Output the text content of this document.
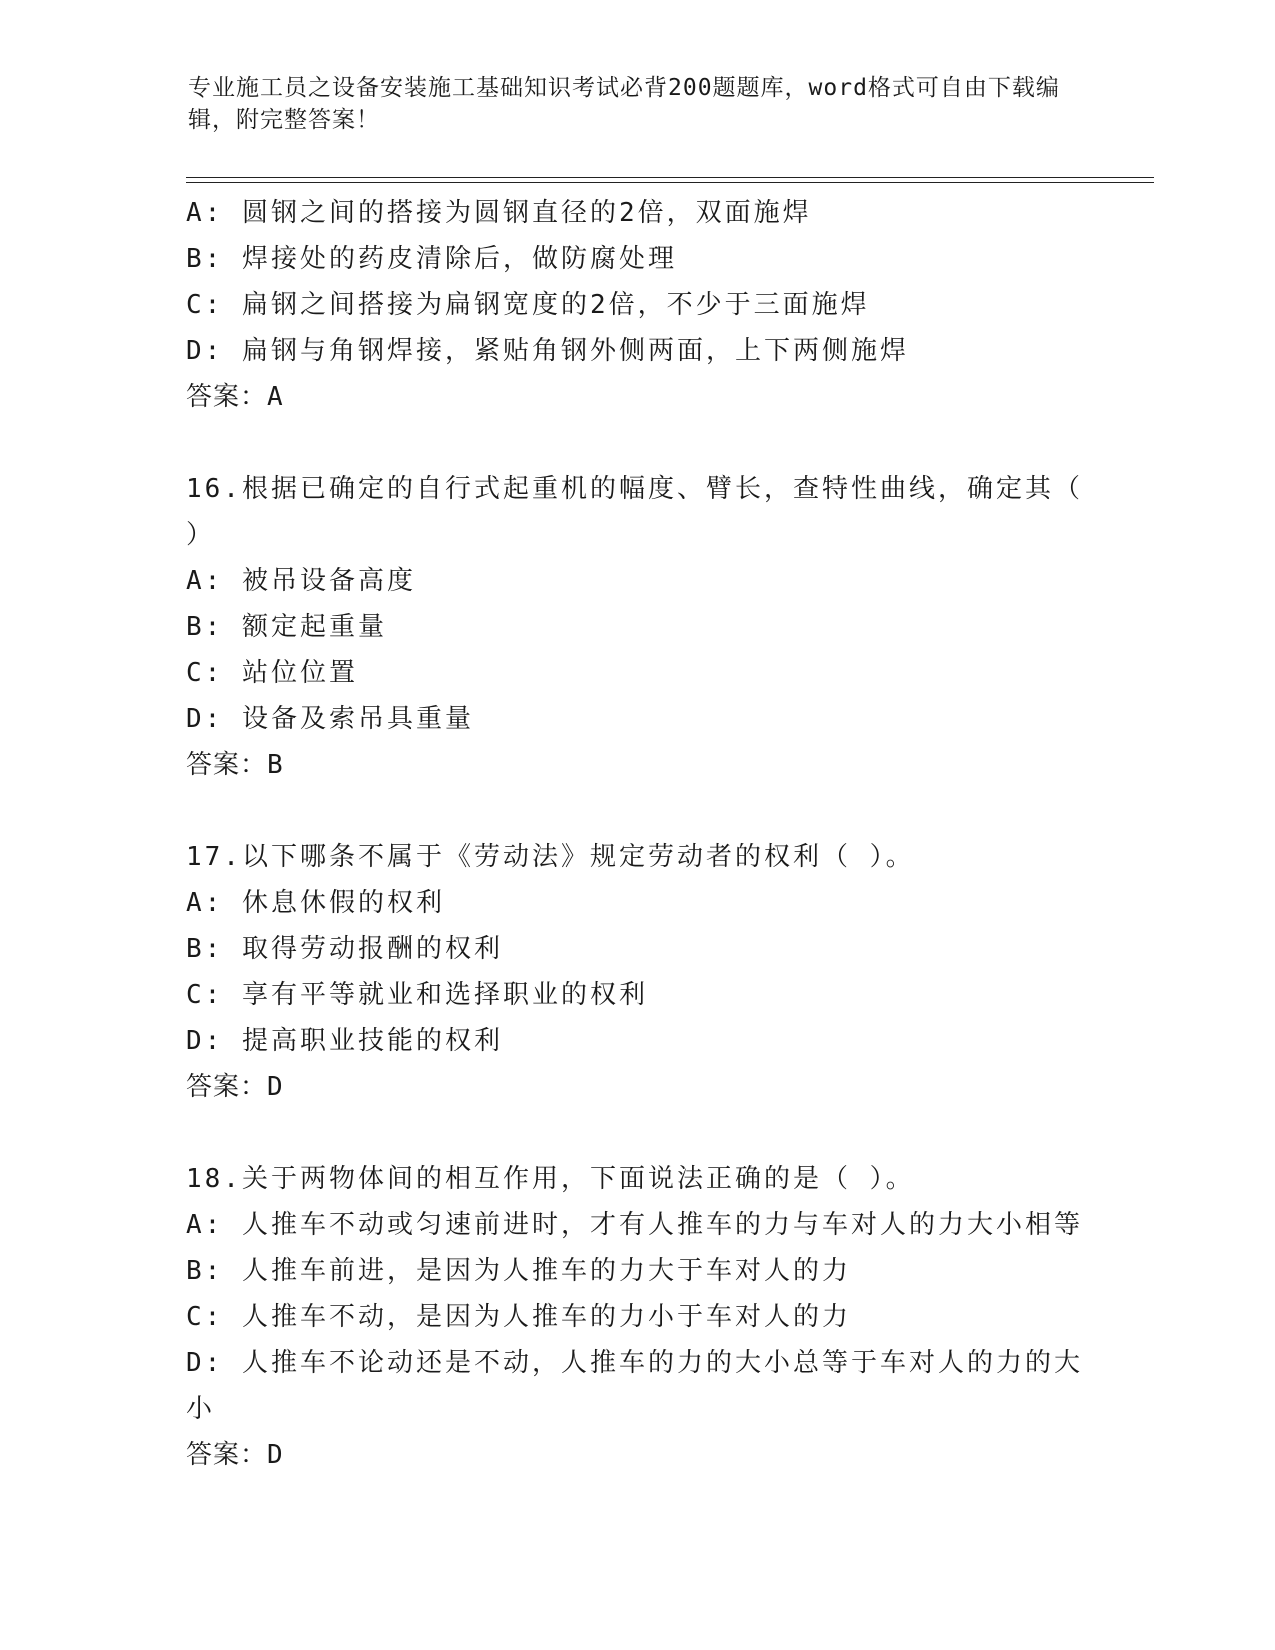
专业施工员之设备安装施工基础知识考试必背200题题库，word格式可自由下载编辑，附完整答案！
A: 圆钢之间的搭接为圆钢直径的2倍，双面施焊
B: 焊接处的药皮清除后，做防腐处理
C: 扁钢之间搭接为扁钢宽度的2倍，不少于三面施焊
D: 扁钢与角钢焊接，紧贴角钢外侧两面，上下两侧施焊
答案：A
16.根据已确定的自行式起重机的幅度、臂长，查特性曲线，确定其（
）
A: 被吊设备高度
B: 额定起重量
C: 站位位置
D: 设备及索吊具重量
答案：B
17.以下哪条不属于《劳动法》规定劳动者的权利（ ）。
A: 休息休假的权利
B: 取得劳动报酬的权利
C: 享有平等就业和选择职业的权利
D: 提高职业技能的权利
答案：D
18.关于两物体间的相互作用，下面说法正确的是（ ）。
A: 人推车不动或匀速前进时，才有人推车的力与车对人的力大小相等
B: 人推车前进，是因为人推车的力大于车对人的力
C: 人推车不动，是因为人推车的力小于车对人的力
D: 人推车不论动还是不动，人推车的力的大小总等于车对人的力的大
小
答案：D
